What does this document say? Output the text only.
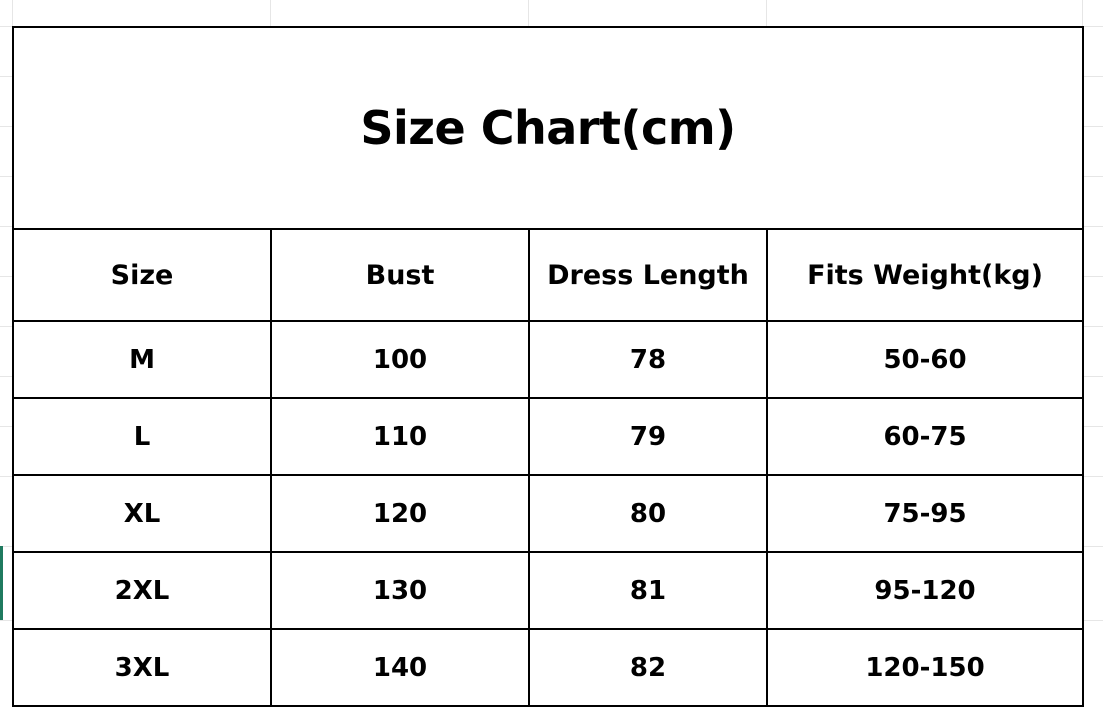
Size Chart(cm)			
Size	Bust	Dress Length	Fits Weight(kg)
M	100	78	50-60
L	110	79	60-75
XL	120	80	75-95
2XL	130	81	95-120
3XL	140	82	120-150
